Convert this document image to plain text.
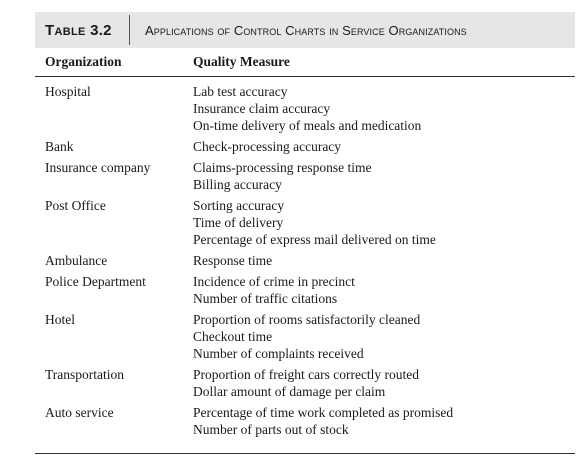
Table 3.2	Applications of Control Charts in Service Organizations
Organization	Quality Measure
Hospital	Lab test accuracy
Insurance claim accuracy
On-time delivery of meals and medication
Bank	Check-processing accuracy
Insurance company	Claims-processing response time
Billing accuracy
Post Office	Sorting accuracy
Time of delivery
Percentage of express mail delivered on time
Ambulance	Response time
Police Department	Incidence of crime in precinct
Number of traffic citations
Hotel	Proportion of rooms satisfactorily cleaned
Checkout time
Number of complaints received
Transportation	Proportion of freight cars correctly routed
Dollar amount of damage per claim
Auto service	Percentage of time work completed as promised
Number of parts out of stock
